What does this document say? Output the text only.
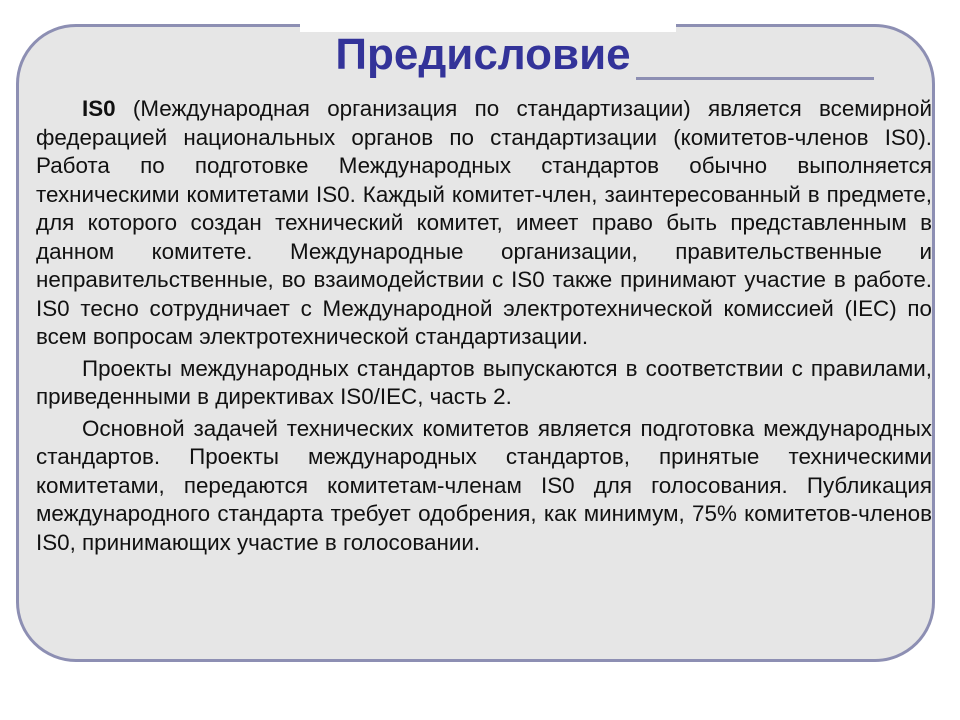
Предисловие

IS0 (Международная организация по стандартизации) является всемирной федерацией национальных органов по стандартизации (комитетов-членов IS0). Работа по подготовке Международных стандартов обычно выполняется техническими комитетами IS0. Каждый комитет-член, заинтересованный в предмете, для которого создан технический комитет, имеет право быть представленным в данном комитете. Международные организации, правительственные и неправительственные, во взаимодействии с IS0 также принимают участие в работе. IS0 тесно сотрудничает с Международной электротехнической комиссией (IEC) по всем вопросам электротехнической стандартизации.

Проекты международных стандартов выпускаются в соответствии с правилами, приведенными в директивах IS0/IEC, часть 2.

Основной задачей технических комитетов является подготовка международных стандартов. Проекты международных стандартов, принятые техническими комитетами, передаются комитетам-членам IS0 для голосования. Публикация международного стандарта требует одобрения, как минимум, 75% комитетов-членов IS0, принимающих участие в голосовании.
